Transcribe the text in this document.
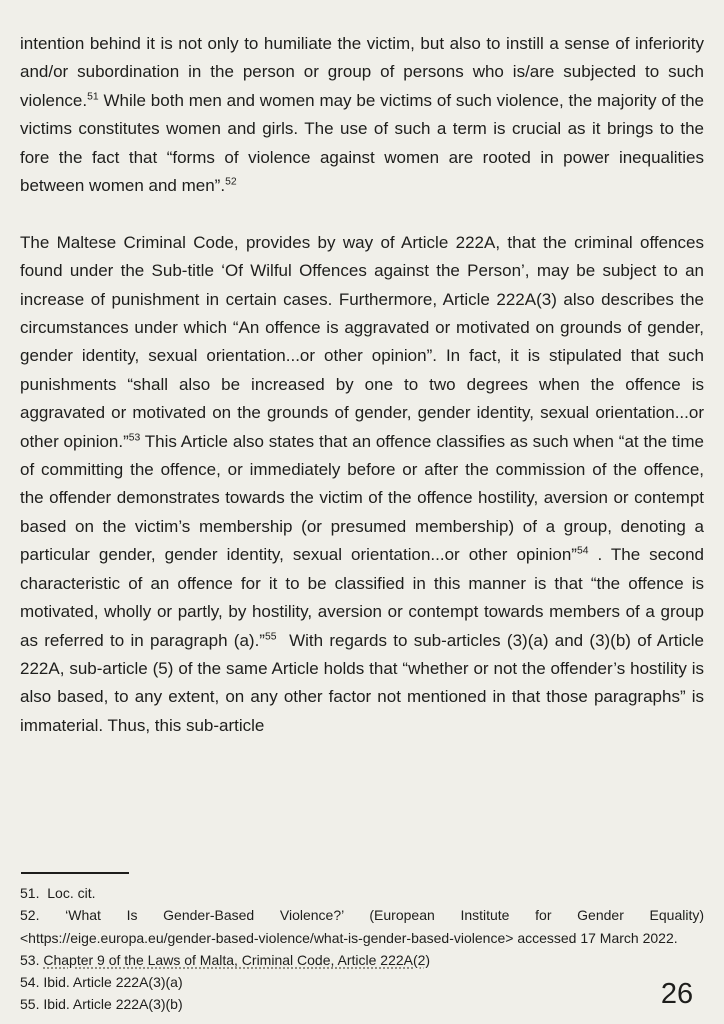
intention behind it is not only to humiliate the victim, but also to instill a sense of inferiority and/or subordination in the person or group of persons who is/are subjected to such violence.$^{51}$ While both men and women may be victims of such violence, the majority of the victims constitutes women and girls. The use of such a term is crucial as it brings to the fore the fact that “forms of violence against women are rooted in power inequalities between women and men”.$^{52}$

The Maltese Criminal Code, provides by way of Article 222A, that the criminal offences found under the Sub-title ‘Of Wilful Offences against the Person’, may be subject to an increase of punishment in certain cases. Furthermore, Article 222A(3) also describes the circumstances under which “An offence is aggravated or motivated on grounds of gender, gender identity, sexual orientation...or other opinion”. In fact, it is stipulated that such punishments “shall also be increased by one to two degrees when the offence is aggravated or motivated on the grounds of gender, gender identity, sexual orientation...or other opinion.”$^{53}$ This Article also states that an offence classifies as such when “at the time of committing the offence, or immediately before or after the commission of the offence, the offender demonstrates towards the victim of the offence hostility, aversion or contempt based on the victim’s membership (or presumed membership) of a group, denoting a particular gender, gender identity, sexual orientation...or other opinion”$^{54}$ . The second characteristic of an offence for it to be classified in this manner is that “the offence is motivated, wholly or partly, by hostility, aversion or contempt towards members of a group as referred to in paragraph (a).”$^{55}$  With regards to sub-articles (3)(a) and (3)(b) of Article 222A, sub-article (5) of the same Article holds that “whether or not the offender’s hostility is also based, to any extent, on any other factor not mentioned in that those paragraphs” is immaterial. Thus, this sub-article

51.  Loc. cit.

52. ‘What Is Gender-Based Violence?’ (European Institute for Gender Equality) <https://eige.europa.eu/gender-based-violence/what-is-gender-based-violence> accessed 17 March 2022.

53. Chapter 9 of the Laws of Malta, Criminal Code, Article 222A(2)

54. Ibid. Article 222A(3)(a)

55. Ibid. Article 222A(3)(b)	26
